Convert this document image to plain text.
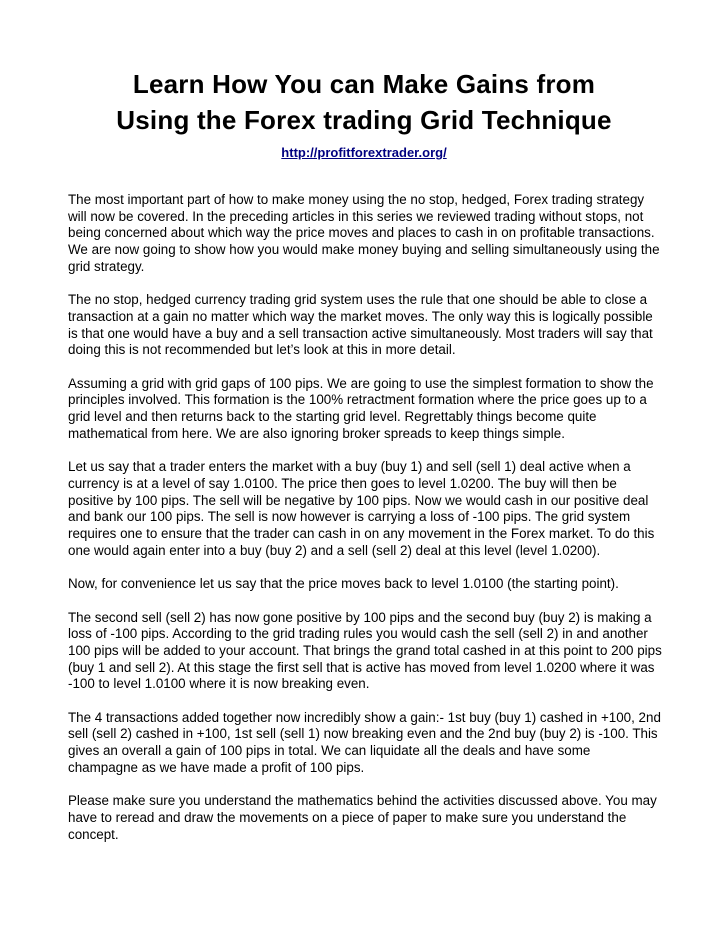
Learn How You can Make Gains from
Using the Forex trading Grid Technique
http://profitforextrader.org/

The most important part of how to make money using the no stop, hedged, Forex trading strategy will now be covered. In the preceding articles in this series we reviewed trading without stops, not being concerned about which way the price moves and places to cash in on profitable transactions. We are now going to show how you would make money buying and selling simultaneously using the grid strategy.

The no stop, hedged currency trading grid system uses the rule that one should be able to close a transaction at a gain no matter which way the market moves. The only way this is logically possible is that one would have a buy and a sell transaction active simultaneously. Most traders will say that doing this is not recommended but let’s look at this in more detail.

Assuming a grid with grid gaps of 100 pips. We are going to use the simplest formation to show the principles involved. This formation is the 100% retractment formation where the price goes up to a grid level and then returns back to the starting grid level. Regrettably things become quite mathematical from here. We are also ignoring broker spreads to keep things simple.

Let us say that a trader enters the market with a buy (buy 1) and sell (sell 1) deal active when a currency is at a level of say 1.0100. The price then goes to level 1.0200. The buy will then be positive by 100 pips. The sell will be negative by 100 pips. Now we would cash in our positive deal and bank our 100 pips. The sell is now however is carrying a loss of -100 pips. The grid system requires one to ensure that the trader can cash in on any movement in the Forex market. To do this one would again enter into a buy (buy 2) and a sell (sell 2) deal at this level (level 1.0200).

Now, for convenience let us say that the price moves back to level 1.0100 (the starting point).

The second sell (sell 2) has now gone positive by 100 pips and the second buy (buy 2) is making a loss of -100 pips. According to the grid trading rules you would cash the sell (sell 2) in and another 100 pips will be added to your account. That brings the grand total cashed in at this point to 200 pips (buy 1 and sell 2). At this stage the first sell that is active has moved from level 1.0200 where it was -100 to level 1.0100 where it is now breaking even.

The 4 transactions added together now incredibly show a gain:- 1st buy (buy 1) cashed in +100, 2nd sell (sell 2) cashed in +100, 1st sell (sell 1) now breaking even and the 2nd buy (buy 2) is -100. This gives an overall a gain of 100 pips in total. We can liquidate all the deals and have some champagne as we have made a profit of 100 pips.

Please make sure you understand the mathematics behind the activities discussed above. You may have to reread and draw the movements on a piece of paper to make sure you understand the concept.
